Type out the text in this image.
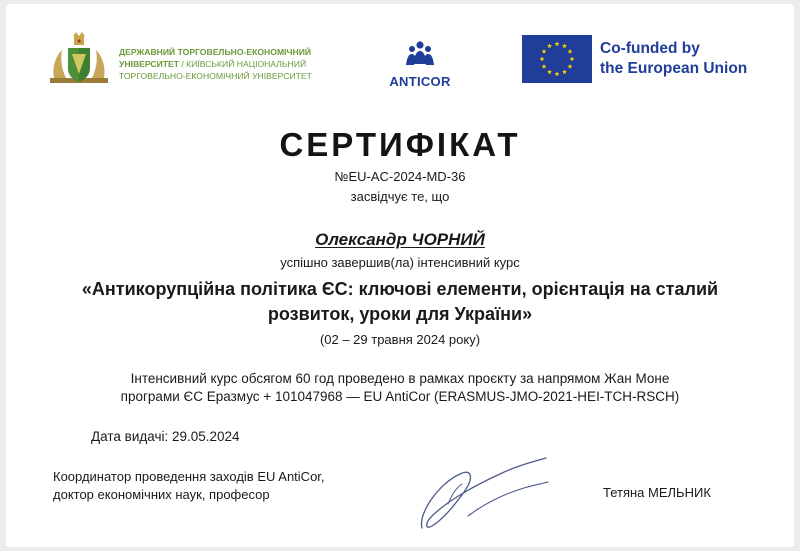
ДЕРЖАВНИЙ ТОРГОВЕЛЬНО-ЕКОНОМІЧНИЙ
УНІВЕРСИТЕТ / КИЇВСЬКИЙ НАЦІОНАЛЬНИЙ
ТОРГОВЕЛЬНО-ЕКОНОМІЧНИЙ УНІВЕРСИТЕТ	ANTICOR
Co-funded by
the European Union
СЕРТИФІКАТ
№EU-AC-2024-MD-36
засвідчує те, що
Олександр ЧОРНИЙ
успішно завершив(ла) інтенсивний курс
«Антикорупційна політика ЄС: ключові елементи, орієнтація на сталий
розвиток, уроки для України»
(02 – 29 травня 2024 року)
Інтенсивний курс обсягом 60 год проведено в рамках проєкту за напрямом Жан Моне
програми ЄС Еразмус + 101047968 — EU AntiCor (ERASMUS-JMO-2021-HEI-TCH-RSCH)
Дата видачі: 29.05.2024
Координатор проведення заходів EU AntiCor,
доктор економічних наук, професор	Тетяна МЕЛЬНИК
